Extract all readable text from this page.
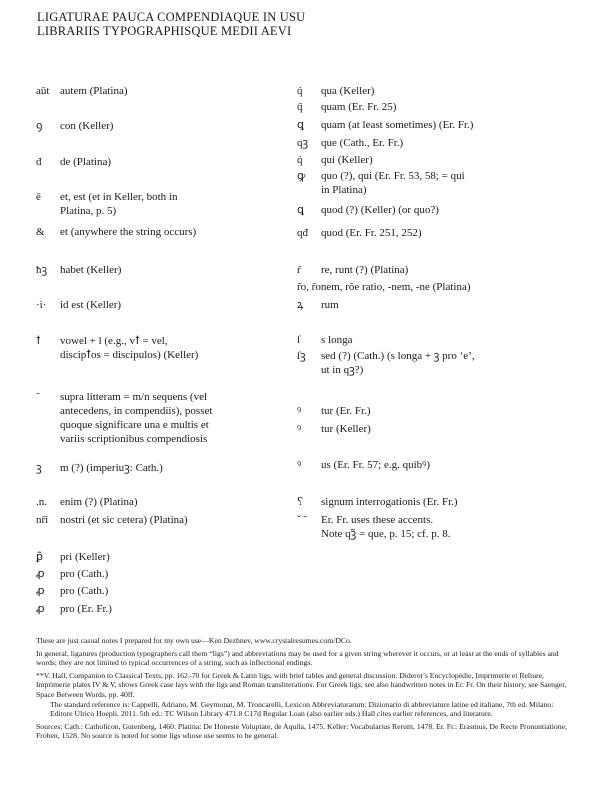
LIGATURAE PAUCA COMPENDIAQUE IN USU
LIBRARIIS TYPOGRAPHISQUE MEDII AEVI
aūt autem (Platina)
ꝯ con (Keller)
đ de (Platina)
ē et, est (et in Keller, both in
Platina, p. 5)
& et (anywhere the string occurs)
ħꝫ habet (Keller)
·i· id est (Keller)
ꝉ vowel + l (e.g., vꝉ = vel,
discipꝉos = discipulos) (Keller)
˜ supra litteram = m/n sequens (vel
antecedens, in compendiis), posset
quoque significare una e multis et
variis scriptionibus compendiosis
ꝫ m (?) (imperiuꝫ: Cath.)
.n. enim (?) (Platina)
nr̄i nostri (et sic cetera) (Platina)
ꝑ̃ pri (Keller)
ꝓ pro (Cath.)
ꝓ pro (Cath.)
ꝓ pro (Er. Fr.)
q̇ qua (Keller)
q̄ quam (Er. Fr. 25)
ꝗ quam (at least sometimes) (Er. Fr.)
qꝫ que (Cath., Er. Fr.)
q̇ qui (Keller)
ꝙ quo (?), qui (Er. Fr. 53, 58; = qui
in Platina)
ꝗ quod (?) (Keller) (or quo?)
qđ quod (Er. Fr. 251, 252)
r̃ re, runt (?) (Platina)
r̃o, r̃onem, rõe ratio, -nem, -ne (Platina)
ꝝ rum
ſ s longa
ſꝫ sed (?) (Cath.) (s longa + ꝫ pro ‘e’,
ut in qꝫ?)
ꝰ tur (Er. Fr.)
ꝰ tur (Keller)
ꝰ us (Er. Fr. 57; e.g. quibꝰ)
⸮ signum interrogationis (Er. Fr.)
ˇ ˜ Er. Fr. uses these accents.
Note qꝫ̃ = que, p. 15; cf. p. 8.

These are just casual notes I prepared for my own use—Ken Dezhnev, www.crystalresumes.com/DCo.

In general, ligatures (production typographers call them “ligs”) and abbreviations may be used for a given string wherever it occurs, or at least at the ends of syllables and words; they are not limited to typical occurrences of a string, such as inflectional endings.

**V. Hall, Companion to Classical Texts, pp. 162–70 for Greek & Latin ligs, with brief tables and general discussion. Diderot’s Encyclopédie, Imprimerie et Reliure, Imprimerie plates IV & V, shows Greek case lays with the ligs and Roman transliterations. For Greek ligs, see also handwritten notes in Er. Fr. On their history, see Saenger, Space Between Words, pp. 40ff.

The standard reference is: Cappelli, Adriano, M. Geymonat, M. Troncarelli, Lexicon Abbreviaturarum: Dizionario di abbreviature latine ed italiane, 7th ed. Milano: Editore Ulrico Hoepli, 2011. 5th ed.: TC Wilson Library 471.8 C17d Regular Loan (also earlier eds.) Hall cites earlier references, and literature.

Sources: Cath.: Catholicon, Gutenberg, 1460. Platina: De Honeste Voluptate, de Aquila, 1475. Keller: Vocabularius Rerum, 1478. Er. Fr.: Erasmus, De Recte Pronuntiatione, Froben, 1528. No source is noted for some ligs whose use seems to be general.
